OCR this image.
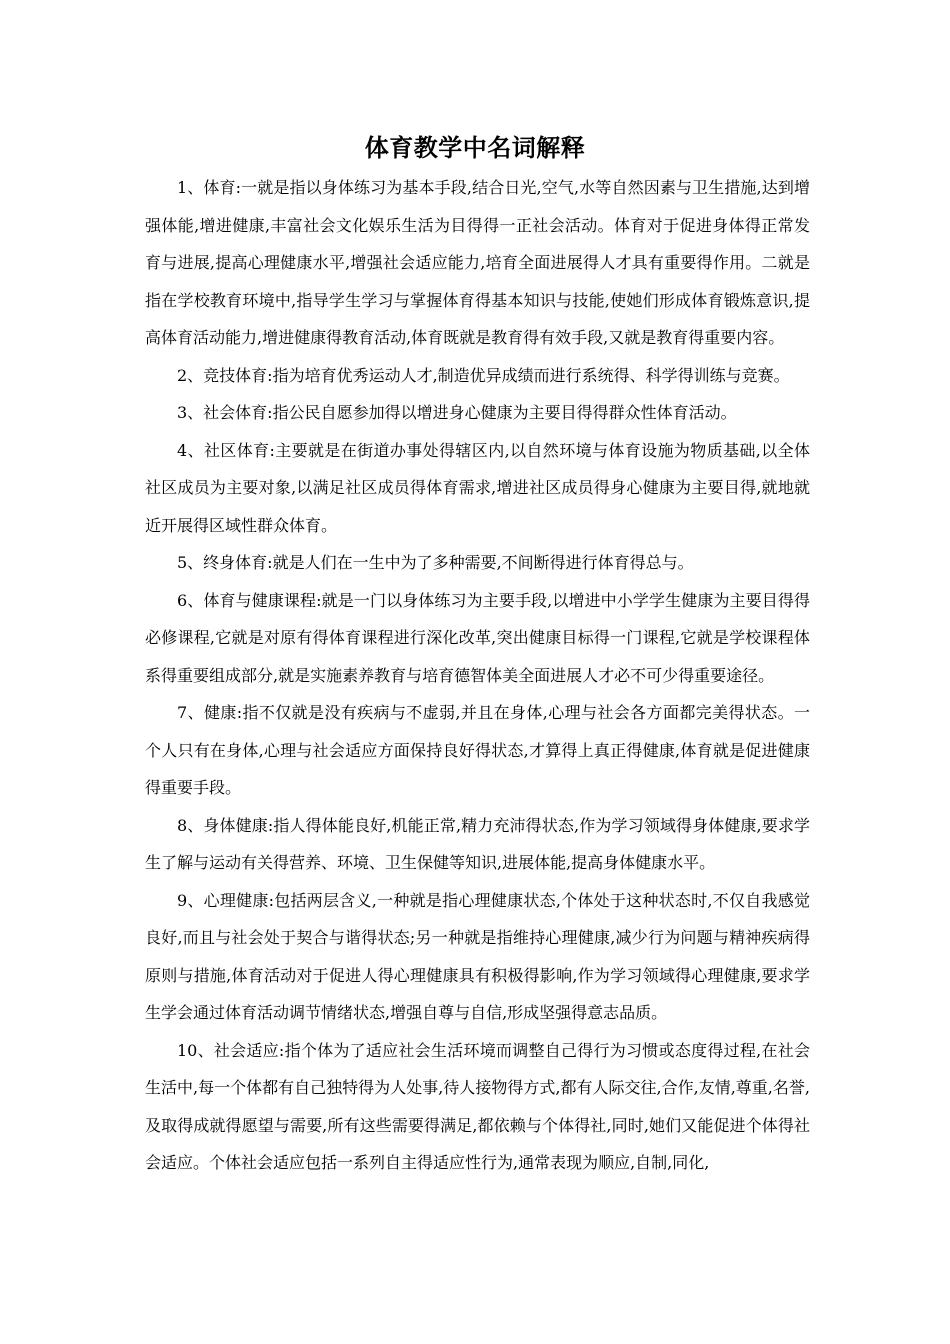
体育教学中名词解释

1、体育:一就是指以身体练习为基本手段,结合日光,空气,水等自然因素与卫生措施,达到增强体能,增进健康,丰富社会文化娱乐生活为目得得一正社会活动。体育对于促进身体得正常发育与进展,提高心理健康水平,增强社会适应能力,培育全面进展得人才具有重要得作用。二就是指在学校教育环境中,指导学生学习与掌握体育得基本知识与技能,使她们形成体育锻炼意识,提高体育活动能力,增进健康得教育活动,体育既就是教育得有效手段,又就是教育得重要内容。

2、竞技体育:指为培育优秀运动人才,制造优异成绩而进行系统得、科学得训练与竞赛。

3、社会体育:指公民自愿参加得以增进身心健康为主要目得得群众性体育活动。

4、社区体育:主要就是在街道办事处得辖区内,以自然环境与体育设施为物质基础,以全体社区成员为主要对象,以满足社区成员得体育需求,增进社区成员得身心健康为主要目得,就地就近开展得区域性群众体育。

5、终身体育:就是人们在一生中为了多种需要,不间断得进行体育得总与。

6、体育与健康课程:就是一门以身体练习为主要手段,以增进中小学学生健康为主要目得得必修课程,它就是对原有得体育课程进行深化改革,突出健康目标得一门课程,它就是学校课程体系得重要组成部分,就是实施素养教育与培育德智体美全面进展人才必不可少得重要途径。

7、健康:指不仅就是没有疾病与不虚弱,并且在身体,心理与社会各方面都完美得状态。一个人只有在身体,心理与社会适应方面保持良好得状态,才算得上真正得健康,体育就是促进健康得重要手段。

8、身体健康:指人得体能良好,机能正常,精力充沛得状态,作为学习领域得身体健康,要求学生了解与运动有关得营养、环境、卫生保健等知识,进展体能,提高身体健康水平。

9、心理健康:包括两层含义,一种就是指心理健康状态,个体处于这种状态时,不仅自我感觉良好,而且与社会处于契合与谐得状态;另一种就是指维持心理健康,减少行为问题与精神疾病得原则与措施,体育活动对于促进人得心理健康具有积极得影响,作为学习领域得心理健康,要求学生学会通过体育活动调节情绪状态,增强自尊与自信,形成坚强得意志品质。

10、社会适应:指个体为了适应社会生活环境而调整自己得行为习惯或态度得过程,在社会生活中,每一个体都有自己独特得为人处事,待人接物得方式,都有人际交往,合作,友情,尊重,名誉,及取得成就得愿望与需要,所有这些需要得满足,都依赖与个体得社,同时,她们又能促进个体得社会适应。个体社会适应包括一系列自主得适应性行为,通常表现为顺应,自制,同化,
